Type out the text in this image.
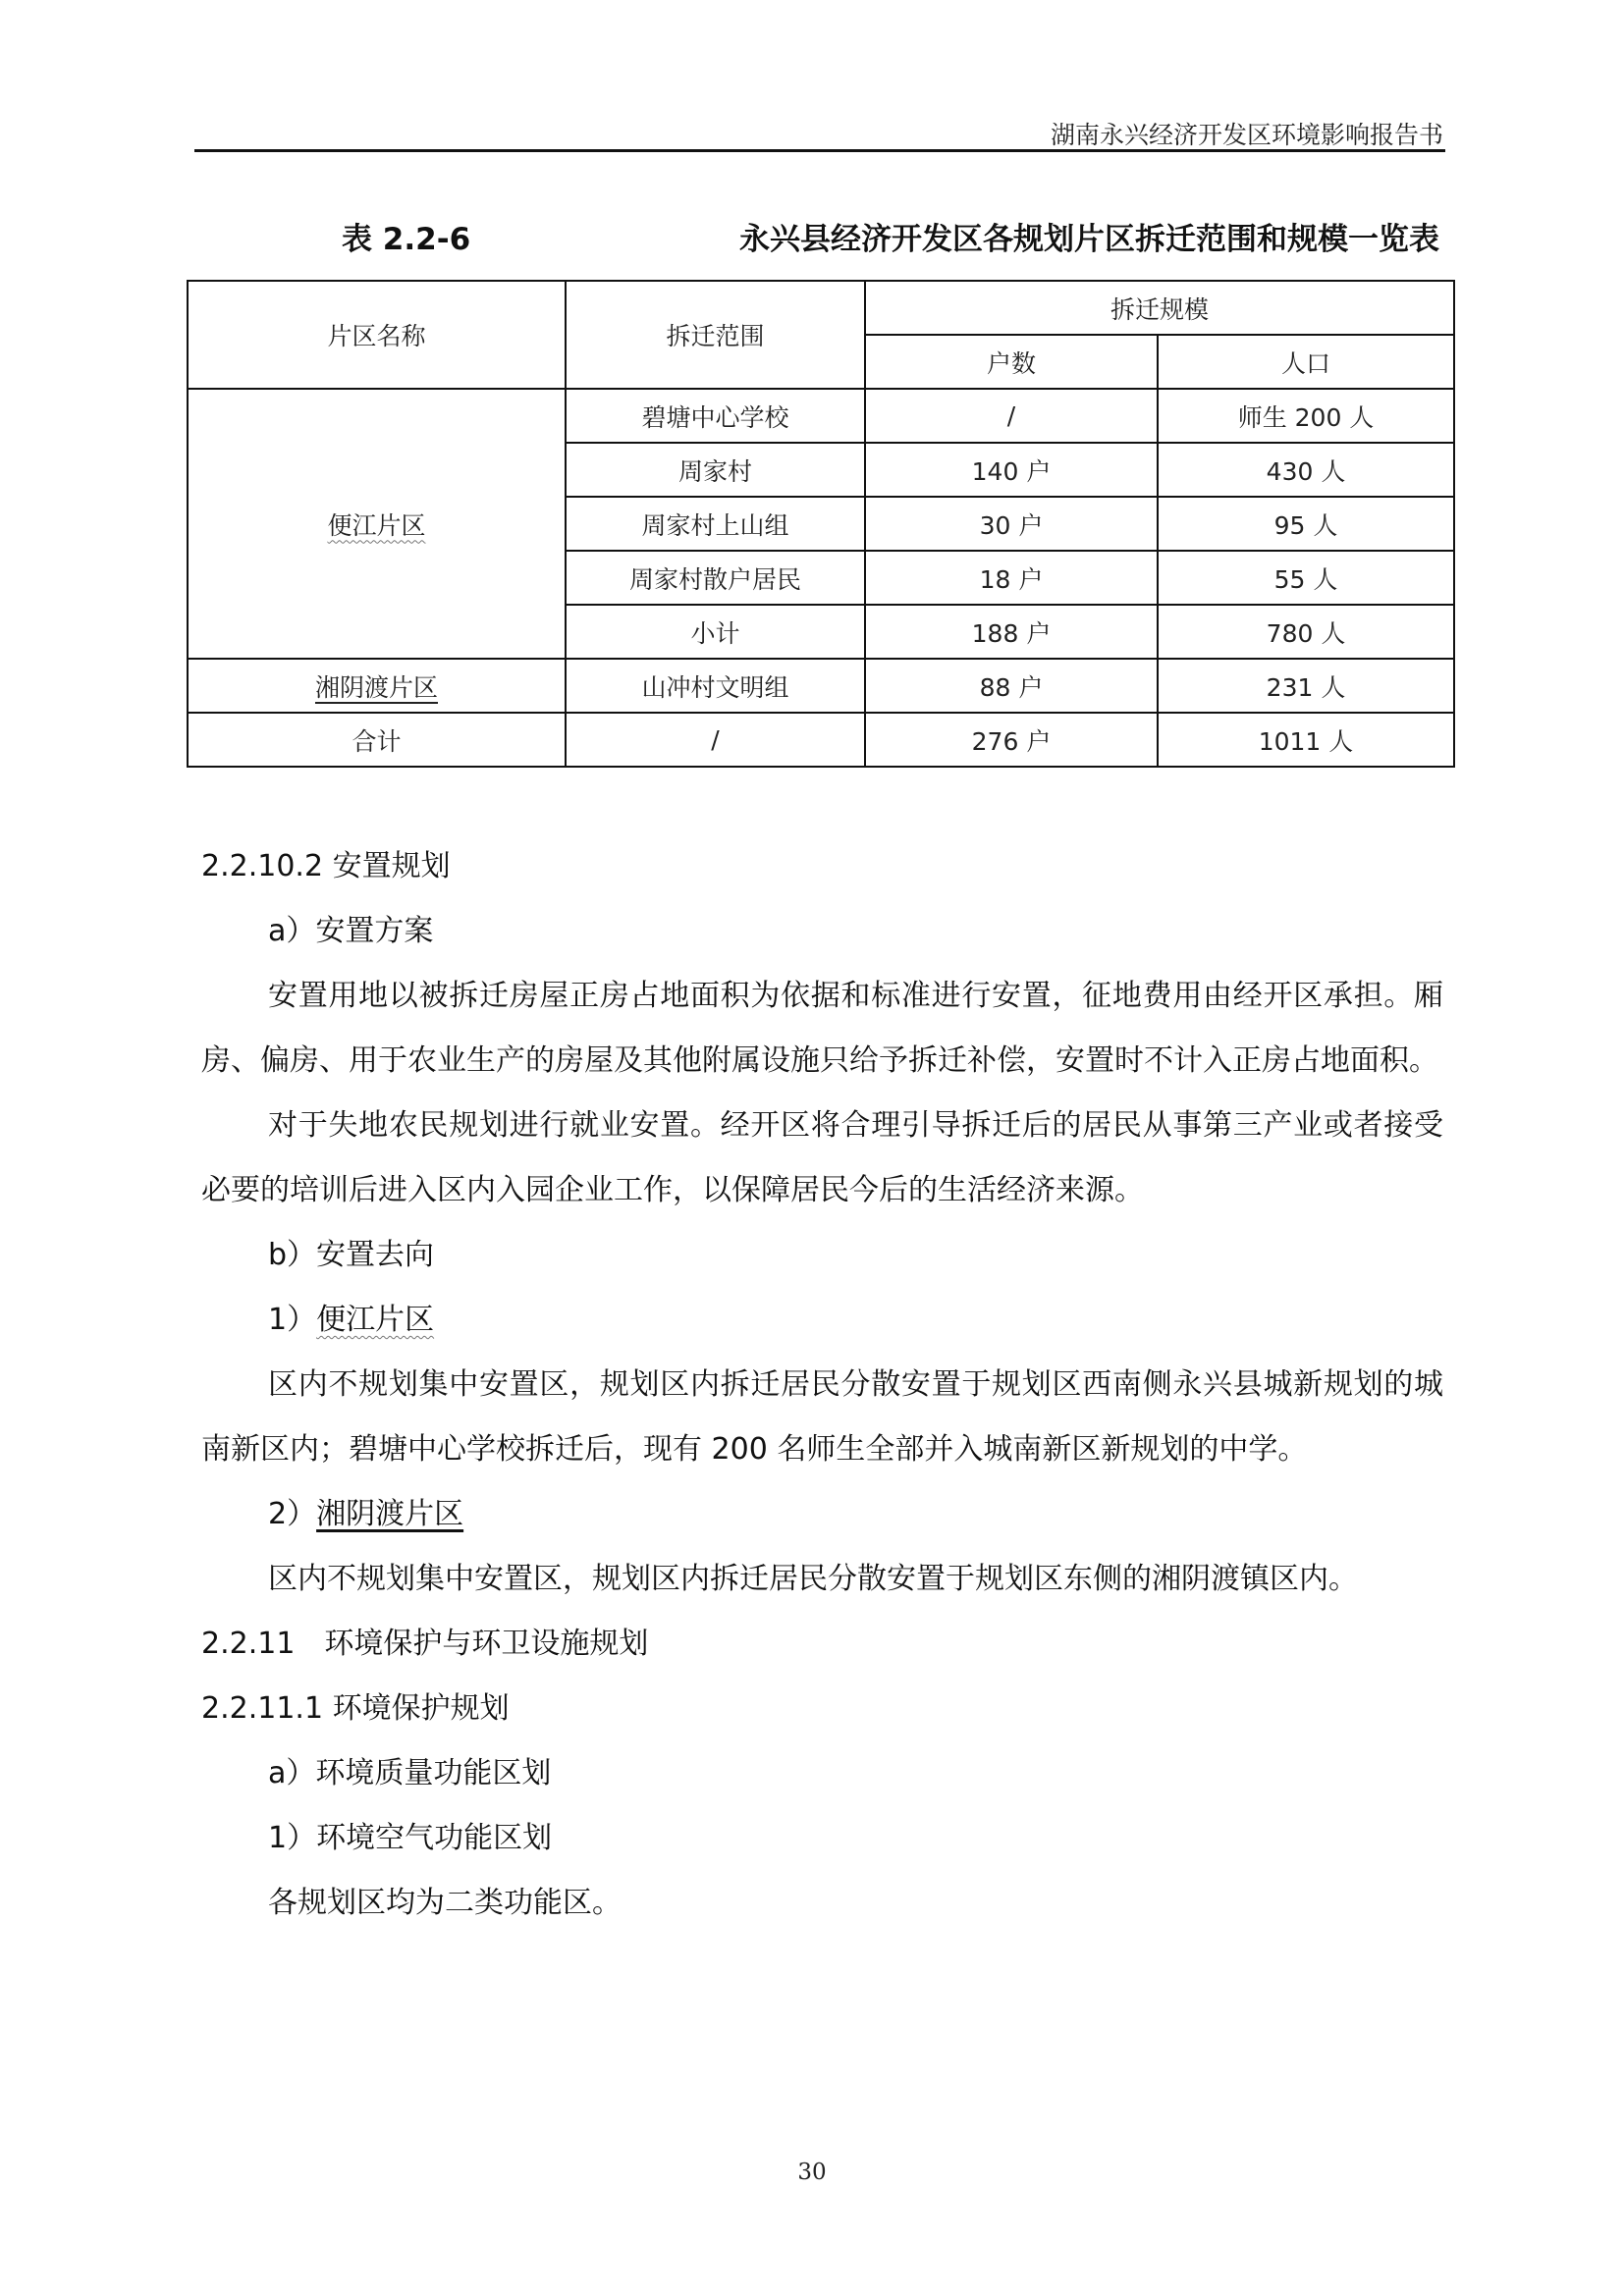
湖南永兴经济开发区环境影响报告书
表 2.2-6	永兴县经济开发区各规划片区拆迁范围和规模一览表
片区名称	拆迁范围	拆迁规模	
		户数	人口
便江片区	碧塘中心学校	/	师生 200 人
	周家村	140 户	430 人
	周家村上山组	30 户	95 人
	周家村散户居民	18 户	55 人
	小计	188 户	780 人
湘阴渡片区	山冲村文明组	88 户	231 人
合计	/	276 户	1011 人

2.2.10.2 安置规划

a）安置方案

安置用地以被拆迁房屋正房占地面积为依据和标准进行安置，征地费用由经开区承担。厢房、偏房、用于农业生产的房屋及其他附属设施只给予拆迁补偿，安置时不计入正房占地面积。

对于失地农民规划进行就业安置。经开区将合理引导拆迁后的居民从事第三产业或者接受必要的培训后进入区内入园企业工作，以保障居民今后的生活经济来源。

b）安置去向

1）便江片区

区内不规划集中安置区，规划区内拆迁居民分散安置于规划区西南侧永兴县城新规划的城南新区内；碧塘中心学校拆迁后，现有 200 名师生全部并入城南新区新规划的中学。

2）湘阴渡片区

区内不规划集中安置区，规划区内拆迁居民分散安置于规划区东侧的湘阴渡镇区内。

2.2.11　环境保护与环卫设施规划

2.2.11.1 环境保护规划

a）环境质量功能区划

1）环境空气功能区划

各规划区均为二类功能区。

30
